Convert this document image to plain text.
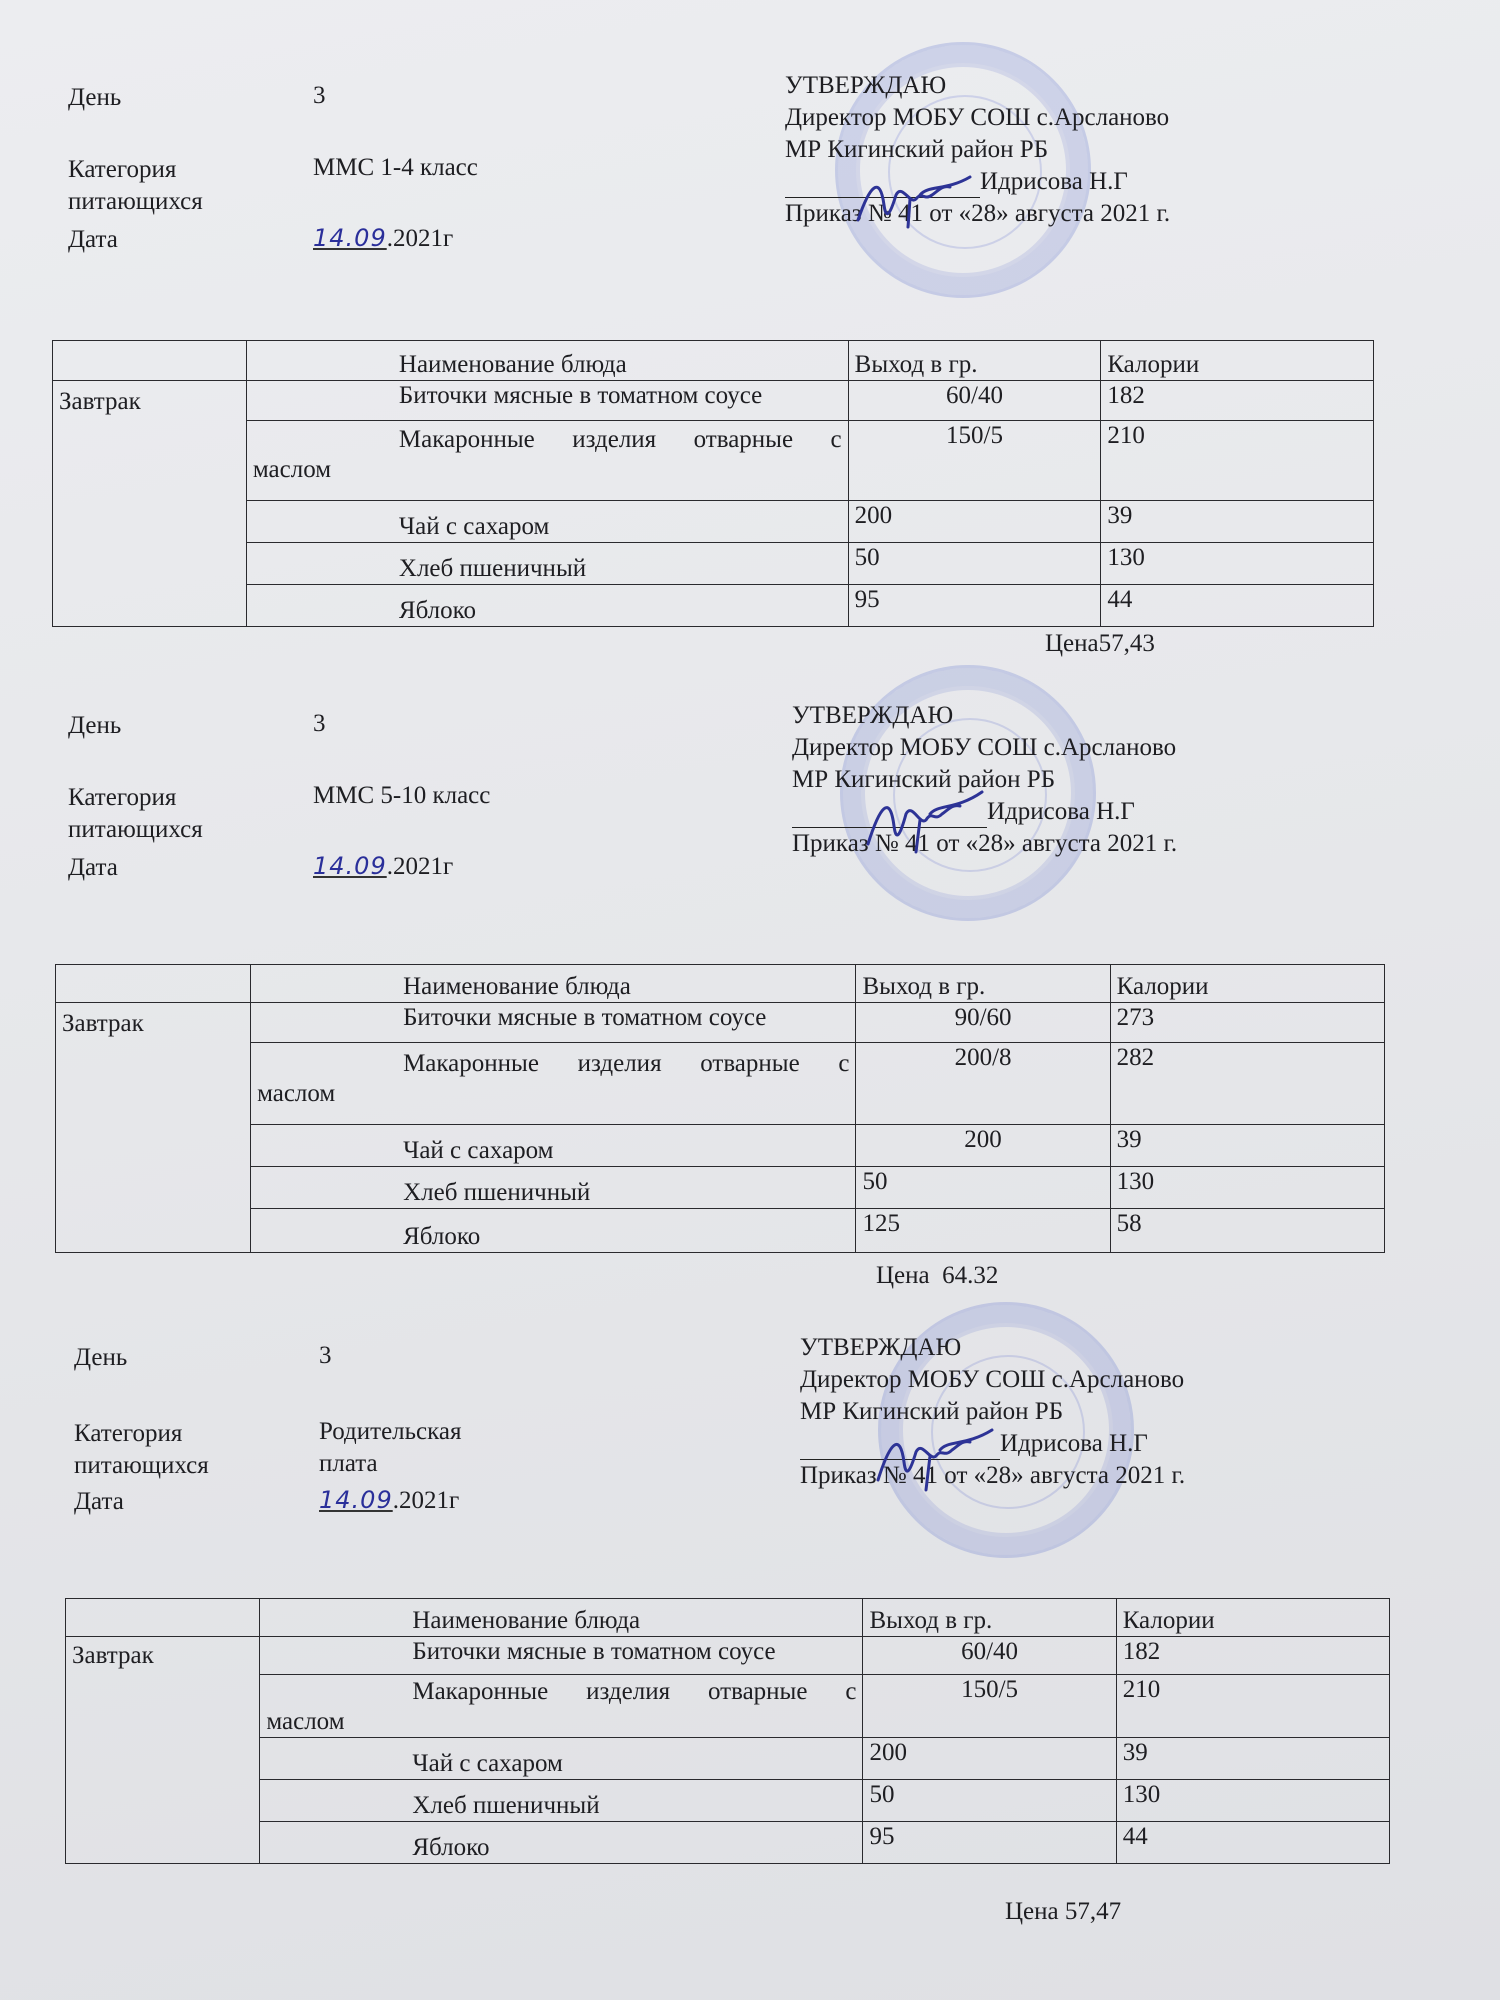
День	3
Категория
питающихся
ММС 1-4 класс
Дата	14.09.2021г
УТВЕРЖДАЮ
Директор МОБУ СОШ с.Арсланово
МР Кигинский район РБ
Идрисова Н.Г
Приказ № 41 от «28» августа 2021 г.
	Наименование блюда	Выход в гр.	Калории
Завтрак	Биточки мясные в томатном соусе	60/40	182

	Макаронные изделия отварные с
маслом	150/5	210
	Чай с сахаром	200	39
	Хлеб пшеничный	50	130
	Яблоко	95	44
Цена57,43
День	3
Категория
питающихся
ММС 5-10 класс
Дата	14.09.2021г
УТВЕРЖДАЮ
Директор МОБУ СОШ с.Арсланово
МР Кигинский район РБ
Идрисова Н.Г
Приказ № 41 от «28» августа 2021 г.
	Наименование блюда	Выход в гр.	Калории
Завтрак	Биточки мясные в томатном соусе	90/60	273

	Макаронные изделия отварные с
маслом	200/8	282
	Чай с сахаром	200	39
	Хлеб пшеничный	50	130
	Яблоко	125	58
Цена  64.32
День	3
Категория
питающихся
Родительская
плата
Дата	14.09.2021г
УТВЕРЖДАЮ
Директор МОБУ СОШ с.Арсланово
МР Кигинский район РБ
Идрисова Н.Г
Приказ № 41 от «28» августа 2021 г.
	Наименование блюда	Выход в гр.	Калории
Завтрак	Биточки мясные в томатном соусе	60/40	182

	Макаронные изделия отварные с
маслом	150/5	210
	Чай с сахаром	200	39
	Хлеб пшеничный	50	130
	Яблоко	95	44
Цена 57,47
